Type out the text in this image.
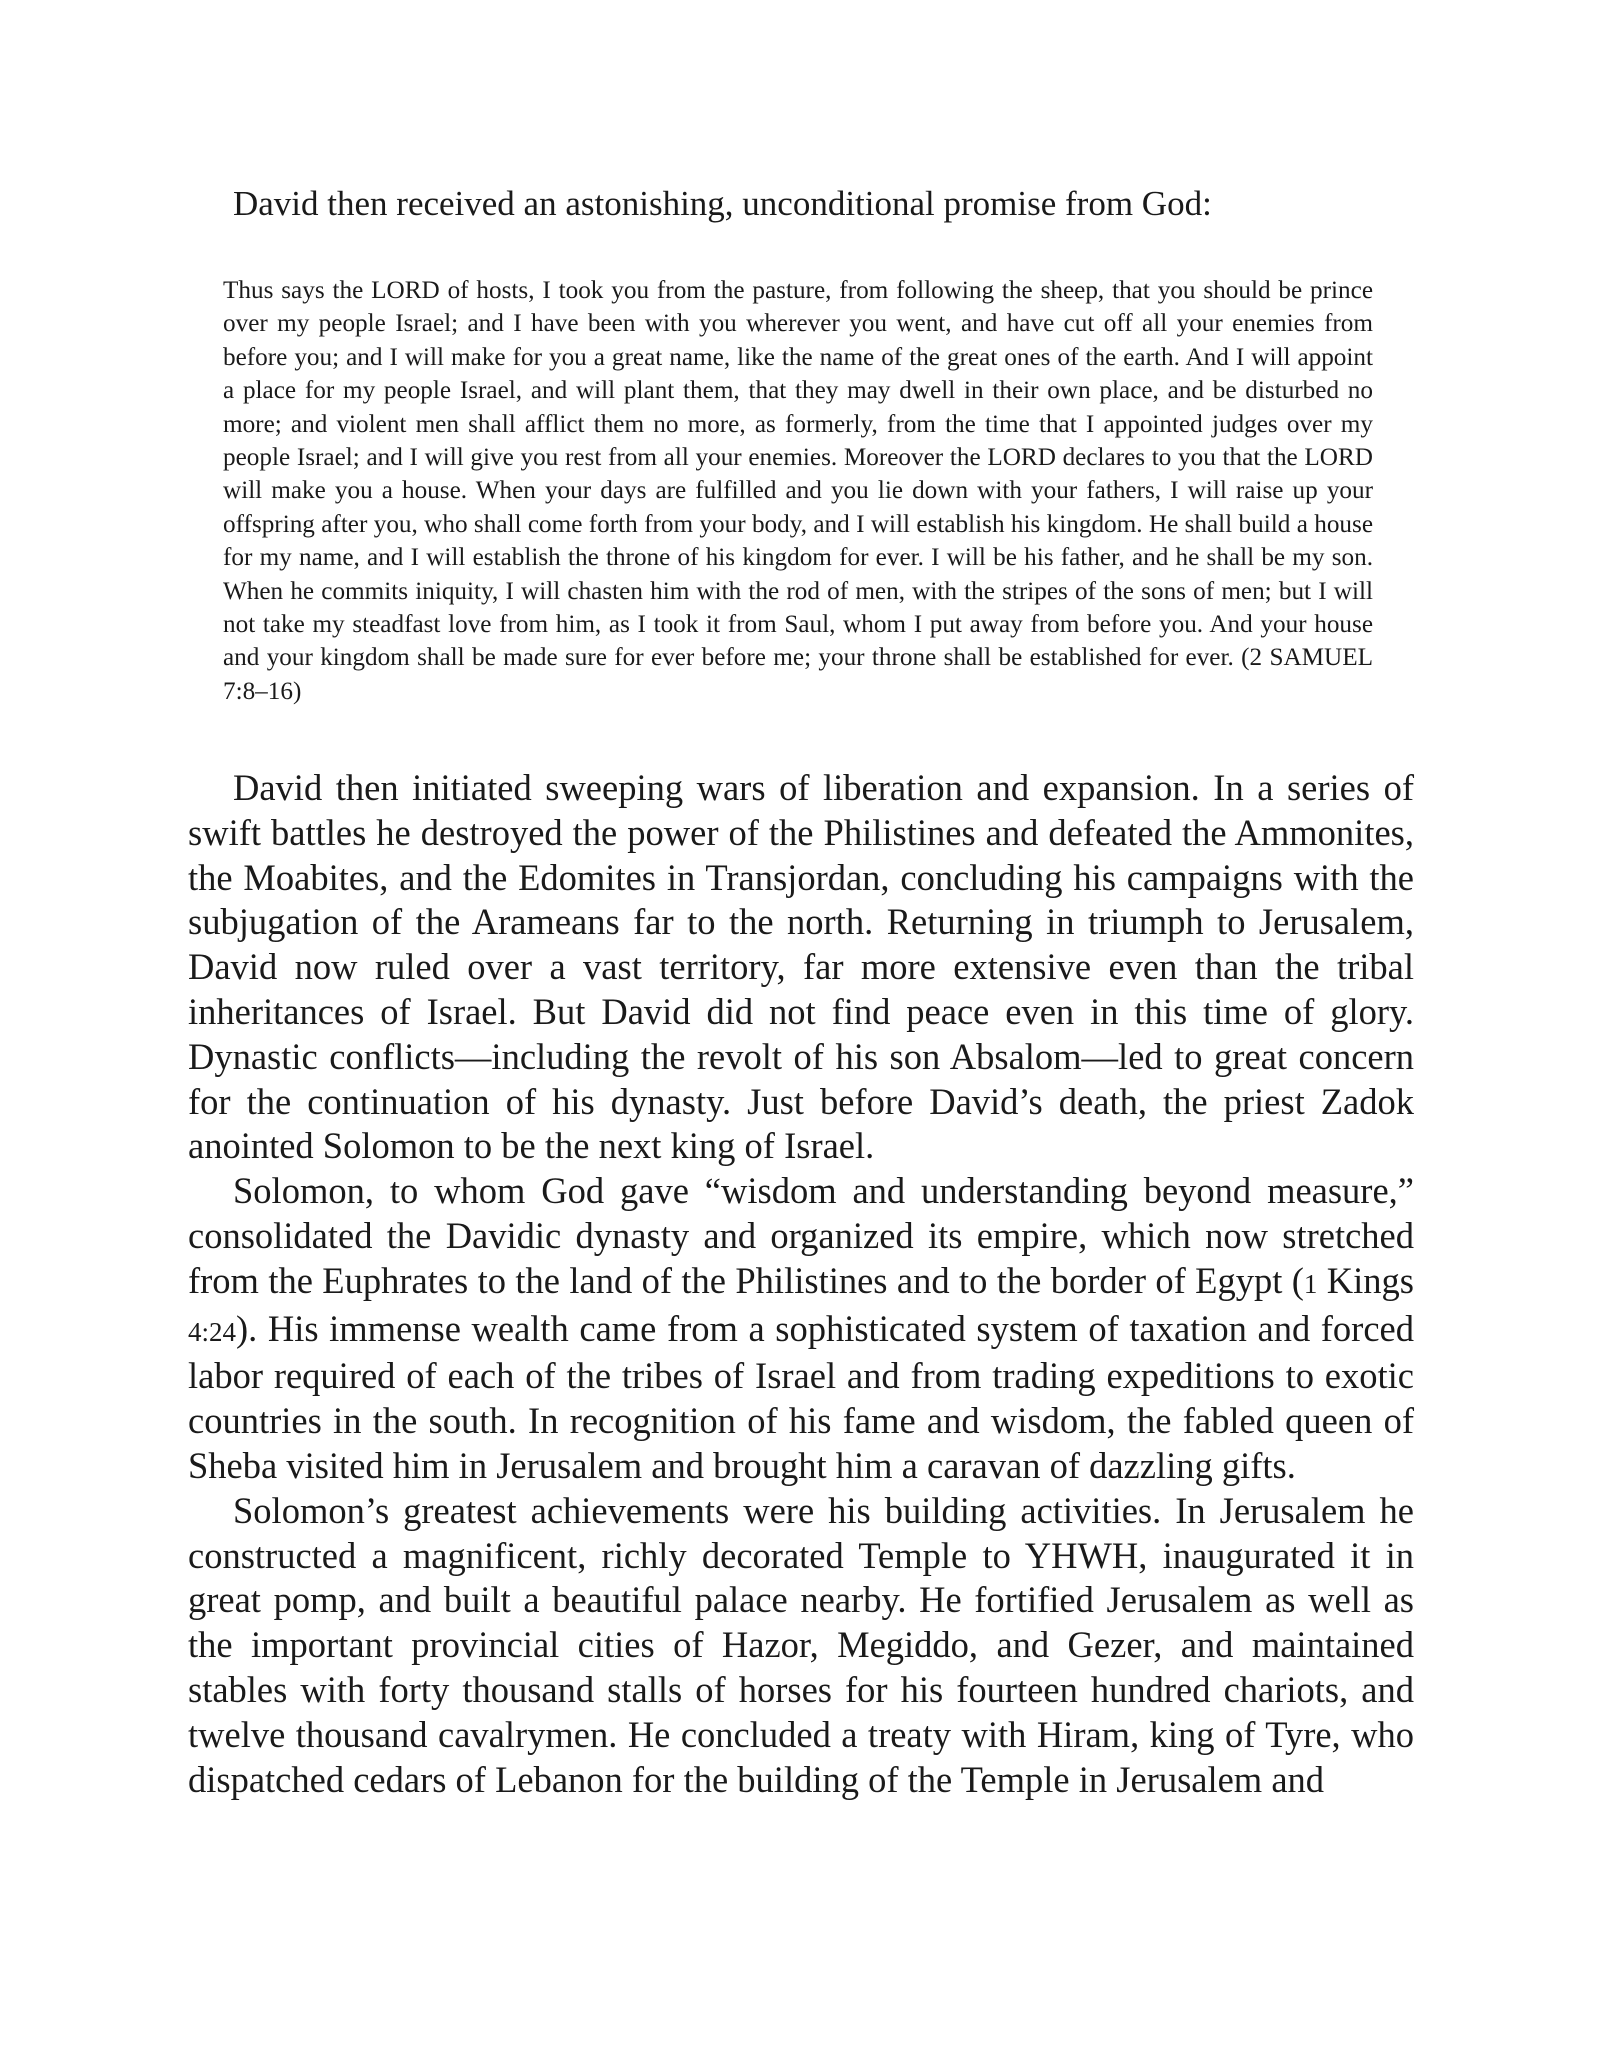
David then received an astonishing, unconditional promise from God:

Thus says the LORD of hosts, I took you from the pasture, from following the sheep, that you should be prince over my people Israel; and I have been with you wherever you went, and have cut off all your enemies from before you; and I will make for you a great name, like the name of the great ones of the earth. And I will appoint a place for my people Israel, and will plant them, that they may dwell in their own place, and be disturbed no more; and violent men shall afflict them no more, as formerly, from the time that I appointed judges over my people Israel; and I will give you rest from all your enemies. Moreover the LORD declares to you that the LORD will make you a house. When your days are fulfilled and you lie down with your fathers, I will raise up your offspring after you, who shall come forth from your body, and I will establish his kingdom. He shall build a house for my name, and I will establish the throne of his kingdom for ever. I will be his father, and he shall be my son. When he commits iniquity, I will chasten him with the rod of men, with the stripes of the sons of men; but I will not take my steadfast love from him, as I took it from Saul, whom I put away from before you. And your house and your kingdom shall be made sure for ever before me; your throne shall be established for ever. (2 SAMUEL 7:8–16)

David then initiated sweeping wars of liberation and expansion. In a series of swift battles he destroyed the power of the Philistines and defeated the Ammonites, the Moabites, and the Edomites in Transjordan, concluding his campaigns with the subjugation of the Arameans far to the north. Returning in triumph to Jerusalem, David now ruled over a vast territory, far more extensive even than the tribal inheritances of Israel. But David did not find peace even in this time of glory. Dynastic conflicts—including the revolt of his son Absalom—led to great concern for the continuation of his dynasty. Just before David’s death, the priest Zadok anointed Solomon to be the next king of Israel.

Solomon, to whom God gave “wisdom and understanding beyond measure,” consolidated the Davidic dynasty and organized its empire, which now stretched from the Euphrates to the land of the Philistines and to the border of Egypt (1 Kings 4:24). His immense wealth came from a sophisticated system of taxation and forced labor required of each of the tribes of Israel and from trading expeditions to exotic countries in the south. In recognition of his fame and wisdom, the fabled queen of Sheba visited him in Jerusalem and brought him a caravan of dazzling gifts.

Solomon’s greatest achievements were his building activities. In Jerusalem he constructed a magnificent, richly decorated Temple to YHWH, inaugurated it in great pomp, and built a beautiful palace nearby. He fortified Jerusalem as well as the important provincial cities of Hazor, Megiddo, and Gezer, and maintained stables with forty thousand stalls of horses for his fourteen hundred chariots, and twelve thousand cavalrymen. He concluded a treaty with Hiram, king of Tyre, who dispatched cedars of Lebanon for the building of the Temple in Jerusalem and
